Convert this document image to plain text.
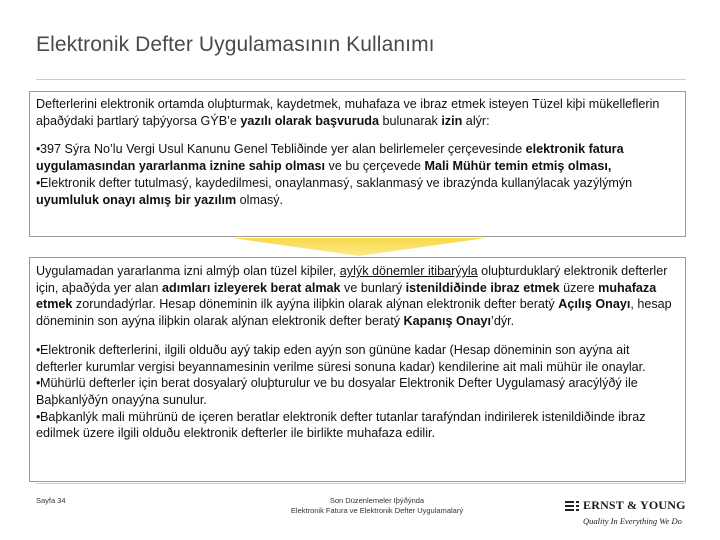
Elektronik Defter Uygulamasının Kullanımı

Defterlerini elektronik ortamda oluþturmak, kaydetmek, muhafaza ve ibraz etmek isteyen Tüzel kiþi mükelleflerin aþaðýdaki þartlarý taþýyorsa GÝB’e yazılı olarak başvuruda bulunarak izin alýr:

•397 Sýra No’lu Vergi Usul Kanunu Genel Tebliðinde yer alan belirlemeler çerçevesinde elektronik fatura uygulamasından yararlanma iznine sahip olması ve bu çerçevede Mali Mühür temin etmiş olması,

•Elektronik defter tutulmasý, kaydedilmesi, onaylanmasý, saklanmasý ve ibrazýnda kullanýlacak yazýlýmýn uyumluluk onayı almış bir yazılım olmasý.

Uygulamadan yararlanma izni almýþ olan tüzel kiþiler, aylýk dönemler itibarýyla oluþturduklarý elektronik defterler için, aþaðýda yer alan adımları izleyerek berat almak ve bunlarý istenildiðinde ibraz etmek üzere muhafaza etmek zorundadýrlar. Hesap döneminin ilk ayýna iliþkin olarak alýnan elektronik defter beratý Açılış Onayı, hesap döneminin son ayýna iliþkin olarak alýnan elektronik defter beratý Kapanış Onayı’dýr.

•Elektronik defterlerini, ilgili olduðu ayý takip eden ayýn son gününe kadar (Hesap döneminin son ayýna ait defterler kurumlar vergisi beyannamesinin verilme süresi sonuna kadar) kendilerine ait mali mühür ile onaylar.

•Mühürlü defterler için berat dosyalarý oluþturulur ve bu dosyalar Elektronik Defter Uygulamasý aracýlýðý ile Baþkanlýðýn onayýna sunulur.

•Baþkanlýk mali mührünü de içeren beratlar elektronik defter tutanlar tarafýndan indirilerek istenildiðinde ibraz edilmek üzere ilgili olduðu elektronik defterler ile birlikte muhafaza edilir.

Sayfa 34	Son Düzenlemeler Iþýðýnda
Elektronik Fatura ve Elektronik Defter Uygulamalarý	ERNST & YOUNG
Quality In Everything We Do
